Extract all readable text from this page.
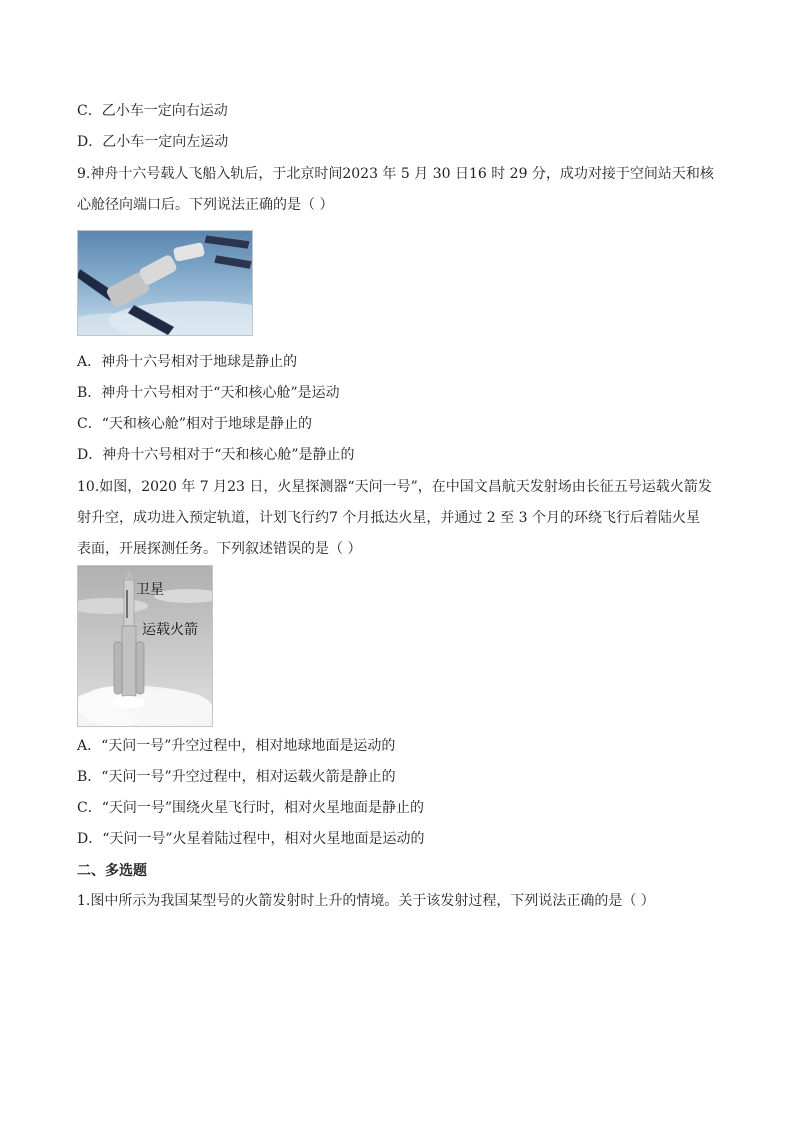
C．乙小车一定向右运动
D．乙小车一定向左运动
9.神舟十六号载人飞船入轨后，于北京时间2023 年 5 月 30 日16 时 29 分，成功对接于空间站天和核
心舱径向端口后。下列说法正确的是（ ）
A．神舟十六号相对于地球是静止的
B．神舟十六号相对于“天和核心舱”是运动
C．“天和核心舱”相对于地球是静止的
D．神舟十六号相对于“天和核心舱”是静止的
10.如图，2020 年 7 月23 日，火星探测器“天问一号”，在中国文昌航天发射场由长征五号运载火箭发
射升空，成功进入预定轨道，计划飞行约7 个月抵达火星，并通过 2 至 3 个月的环绕飞行后着陆火星
表面，开展探测任务。下列叙述错误的是（ ）
卫星
运载火箭
A．“天问一号”升空过程中，相对地球地面是运动的
B．“天问一号”升空过程中，相对运载火箭是静止的
C．“天问一号”围绕火星飞行时，相对火星地面是静止的
D．“天问一号”火星着陆过程中，相对火星地面是运动的
二、多选题
1.图中所示为我国某型号的火箭发射时上升的情境。关于该发射过程，下列说法正确的是（ ）
